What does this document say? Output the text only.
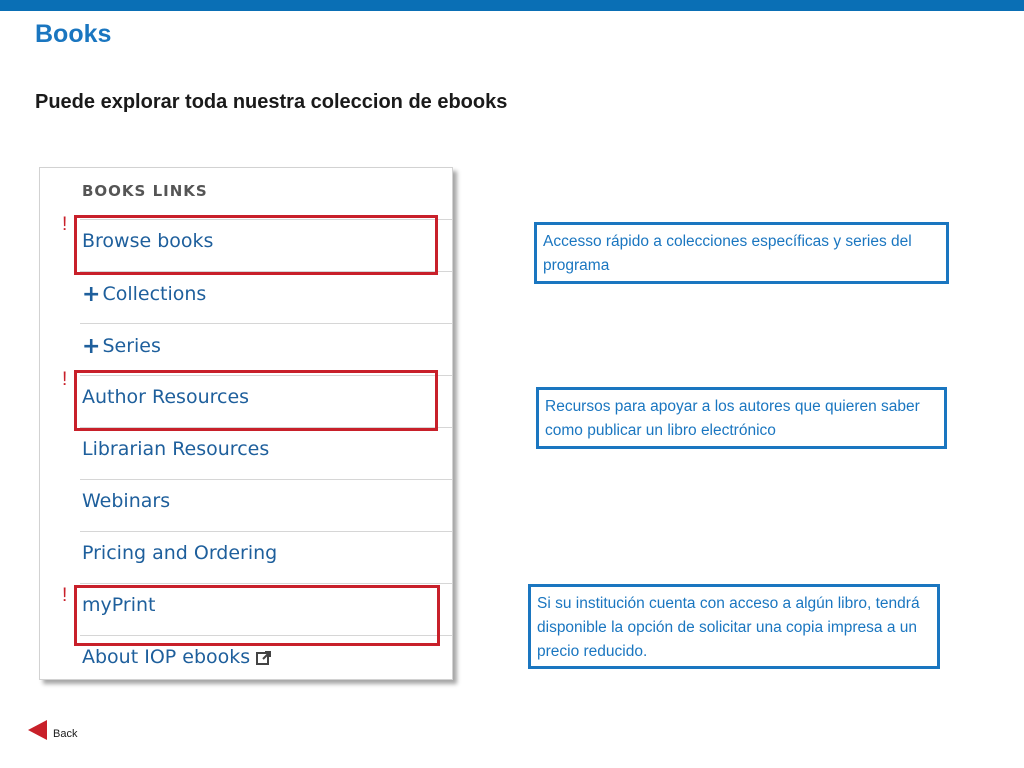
Books
Puede explorar toda nuestra coleccion de ebooks
BOOKS LINKS
Browse books
+ Collections
+ Series
Author Resources
Librarian Resources
Webinars
Pricing and Ordering
myPrint
About IOP ebooks
!
!
!
Accesso rápido a colecciones específicas y series del programa
Recursos para apoyar a los autores que quieren saber como publicar un libro electrónico
Si su institución cuenta con acceso a algún libro, tendrá disponible la opción de solicitar una copia impresa a un precio reducido.
Back
